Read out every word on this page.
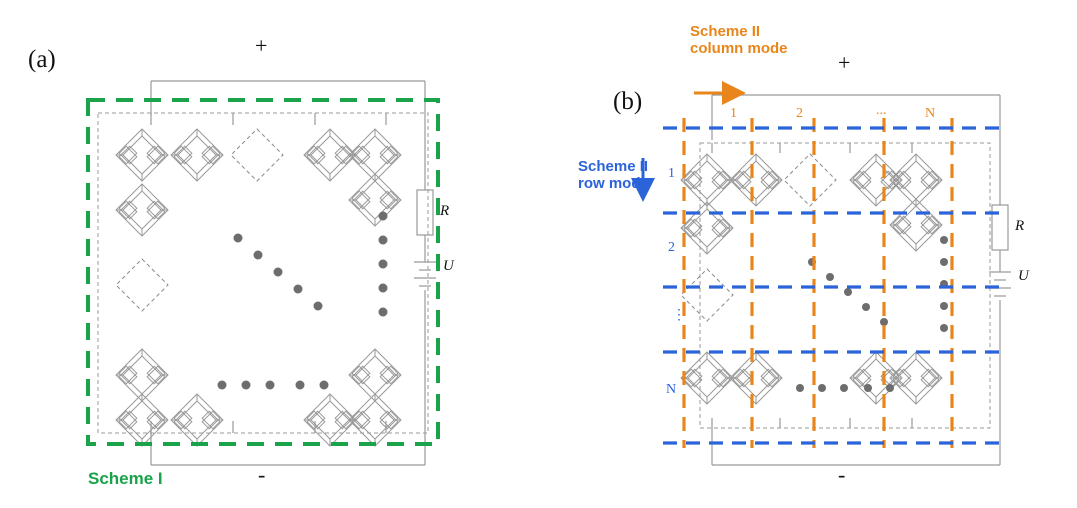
(a)
+
-
R
U
Scheme I
(b)
+
-
R
U
Scheme II
column mode
Scheme II
row mode
1	2	...	N
1
2
⋮
N
